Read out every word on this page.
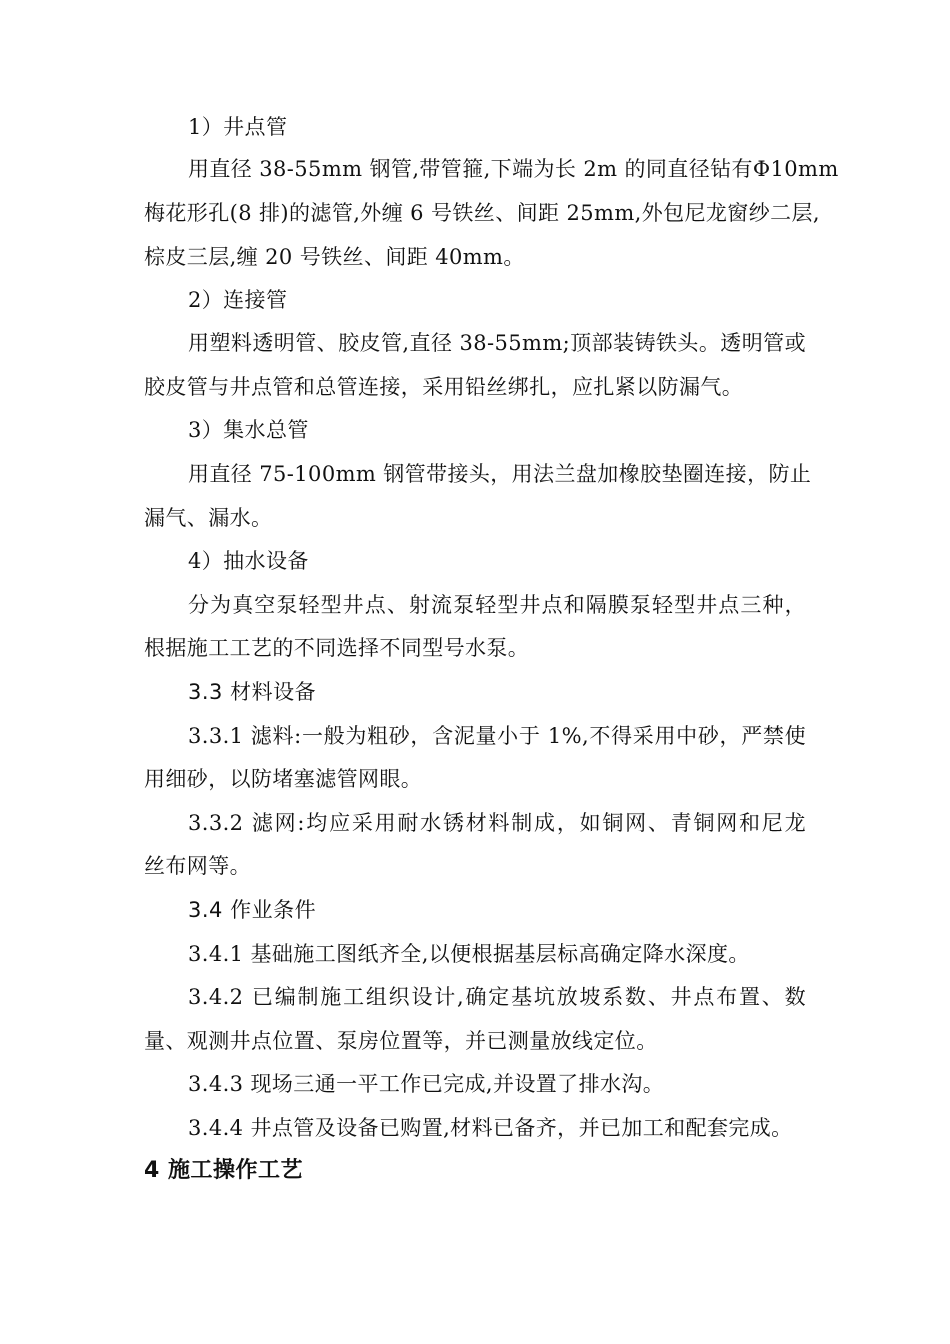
1）井点管
用直径 38-55mm 钢管,带管箍,下端为长 2m 的同直径钻有Φ10mm
梅花形孔(8 排)的滤管,外缠 6 号铁丝、间距 25mm,外包尼龙窗纱二层,
棕皮三层,缠 20 号铁丝、间距 40mm。
2）连接管
用塑料透明管、胶皮管,直径 38-55mm;顶部装铸铁头。透明管或
胶皮管与井点管和总管连接，采用铅丝绑扎，应扎紧以防漏气。
3）集水总管
用直径 75-100mm 钢管带接头，用法兰盘加橡胶垫圈连接，防止
漏气、漏水。
4）抽水设备
分为真空泵轻型井点、射流泵轻型井点和隔膜泵轻型井点三种，
根据施工工艺的不同选择不同型号水泵。
3.3 材料设备
3.3.1 滤料:一般为粗砂，含泥量小于 1%,不得采用中砂，严禁使
用细砂，以防堵塞滤管网眼。
3.3.2 滤网:均应采用耐水锈材料制成，如铜网、青铜网和尼龙
丝布网等。
3.4 作业条件
3.4.1 基础施工图纸齐全,以便根据基层标高确定降水深度。
3.4.2 已编制施工组织设计,确定基坑放坡系数、井点布置、数
量、观测井点位置、泵房位置等，并已测量放线定位。
3.4.3 现场三通一平工作已完成,并设置了排水沟。
3.4.4 井点管及设备已购置,材料已备齐，并已加工和配套完成。
4 施工操作工艺
